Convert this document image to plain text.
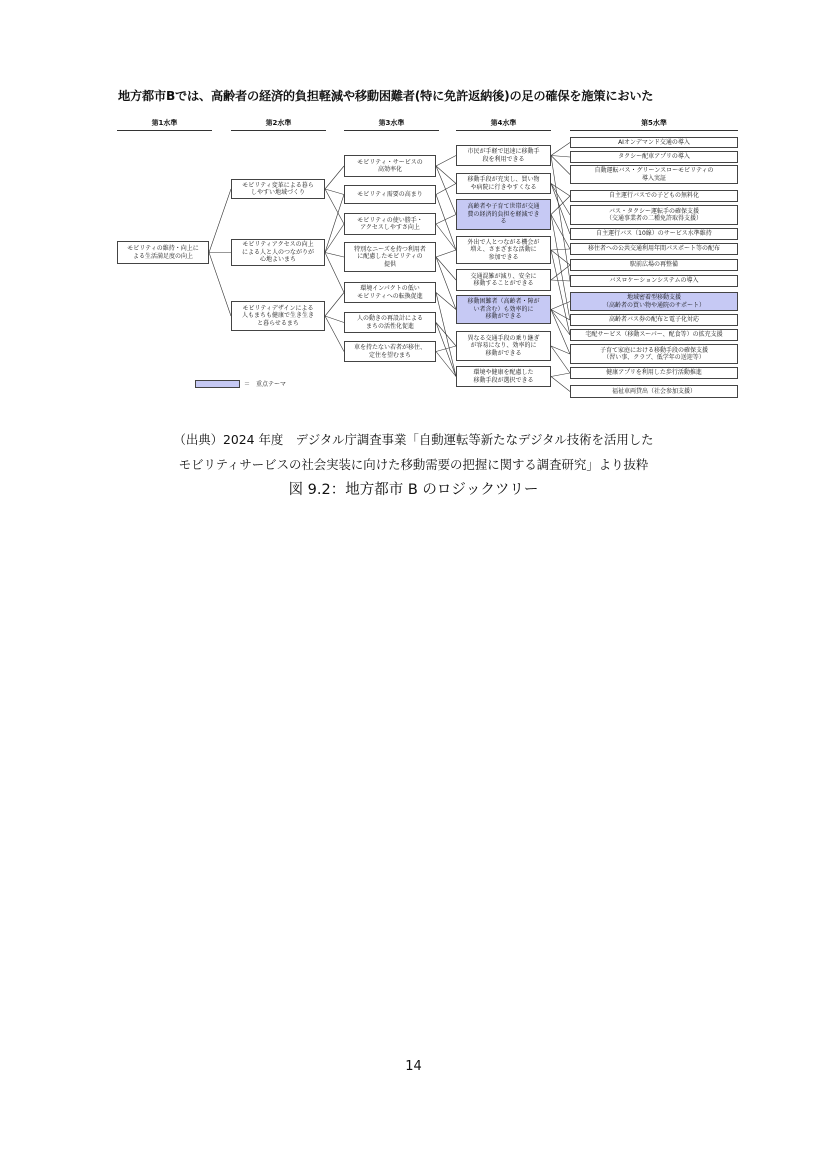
地方都市Bでは、高齢者の経済的負担軽減や移動困難者(特に免許返納後)の足の確保を施策においた
第1水準	第2水準	第3水準	第4水準	第5水準
モビリティの維持・向上に
よる生活満足度の向上
モビリティ変革による暮ら
しやすい地域づくり
モビリティアクセスの向上
による人と人のつながりが
心地よいまち
モビリティデザインによる
人もまちも健康で生き生き
と暮らせるまち
モビリティ・サービスの
高効率化
モビリティ需要の高まり
モビリティの使い勝手・
アクセスしやすさ向上
特別なニーズを持つ利用者
に配慮したモビリティの
提供
環境インパクトの低い
モビリティへの転換促進
人の動きの再設計による
まちの活性化促進
車を持たない若者が移住、
定住を望むまち
市民が手軽で迅速に移動手
段を利用できる
移動手段が充実し、買い物
や病院に行きやすくなる
高齢者や子育て世帯が交通
費の経済的負担を軽減でき
る
外出で人とつながる機会が
増え、さまざまな活動に
参加できる
交通混雑が減り、安全に
移動することができる
移動困難者（高齢者・障が
い者含む）も効率的に
移動ができる
異なる交通手段の乗り継ぎ
が容易になり、効率的に
移動ができる
環境や健康を配慮した
移動手段が選択できる
AIオンデマンド交通の導入
タクシー配車アプリの導入
自動運転バス・グリーンスローモビリティの
導入実証
自主運行バスでの子どもの無料化
バス・タクシー運転手の確保支援
（交通事業者の二種免許取得支援）
自主運行バス（10線）のサービス水準維持
移住者への公共交通利用年間パスポート等の配布
駅前広場の再整備
バスロケーションシステムの導入
地域密着型移動支援
（高齢者の買い物や通院のサポート）
高齢者バス券の配布と電子化対応
宅配サービス（移動スーパー、配食等）の拡充支援
子育て家庭における移動手段の確保支援
（習い事、クラブ、低学年の送迎等）
健康アプリを利用した歩行活動推進
福祉車両貸出（社会参加支援）
＝　重点テーマ
（出典）2024 年度　デジタル庁調査事業「自動運転等新たなデジタル技術を活用した
モビリティサービスの社会実装に向けた移動需要の把握に関する調査研究」より抜粋
図 9.2：地方都市 B のロジックツリー
14
